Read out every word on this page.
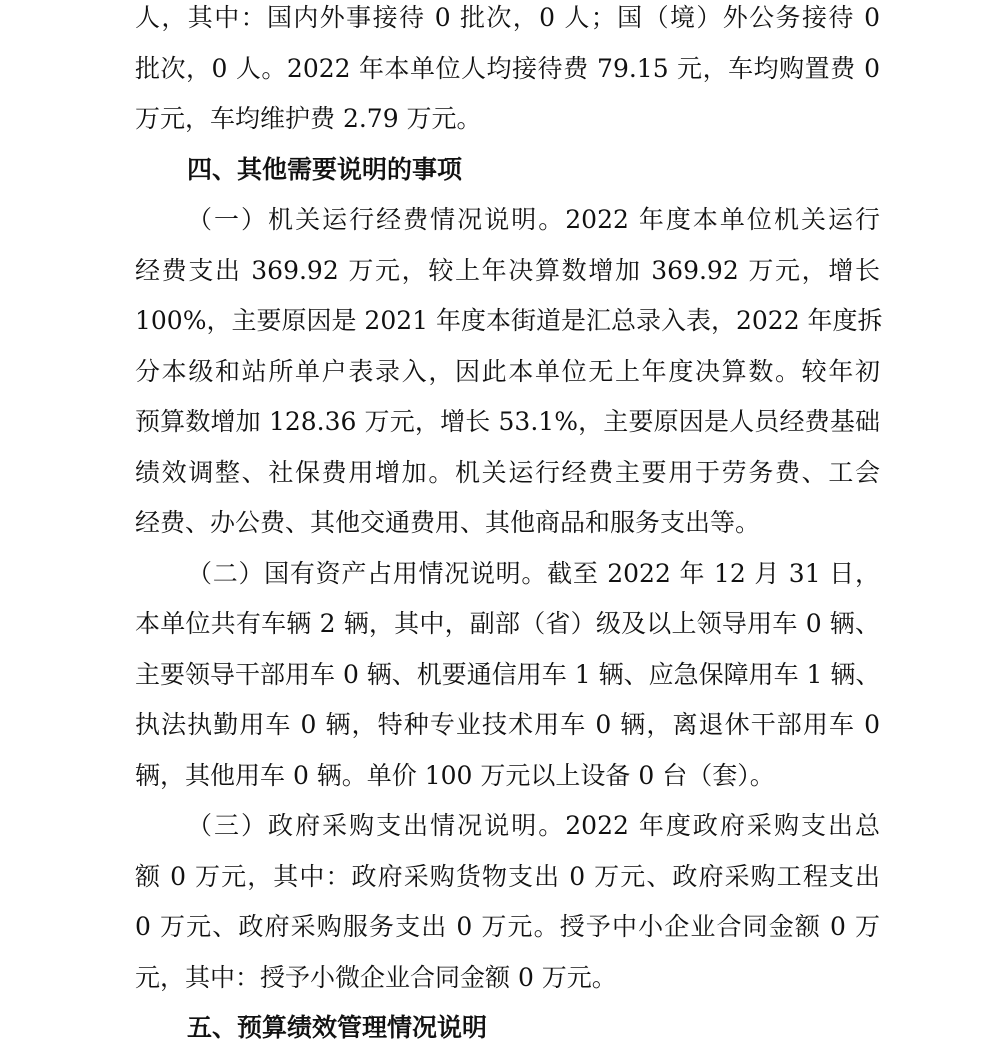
人，其中：国内外事接待 0 批次，0 人；国（境）外公务接待 0
批次，0 人。2022 年本单位人均接待费 79.15 元，车均购置费 0
万元，车均维护费 2.79 万元。
四、其他需要说明的事项
（一）机关运行经费情况说明。2022 年度本单位机关运行
经费支出 369.92 万元，较上年决算数增加 369.92 万元，增长
100%，主要原因是 2021 年度本街道是汇总录入表，2022 年度拆
分本级和站所单户表录入，因此本单位无上年度决算数。较年初
预算数增加 128.36 万元，增长 53.1%，主要原因是人员经费基础
绩效调整、社保费用增加。机关运行经费主要用于劳务费、工会
经费、办公费、其他交通费用、其他商品和服务支出等。
（二）国有资产占用情况说明。截至 2022 年 12 月 31 日，
本单位共有车辆 2 辆，其中，副部（省）级及以上领导用车 0 辆、
主要领导干部用车 0 辆、机要通信用车 1 辆、应急保障用车 1 辆、
执法执勤用车 0 辆，特种专业技术用车 0 辆，离退休干部用车 0
辆，其他用车 0 辆。单价 100 万元以上设备 0 台（套）。
（三）政府采购支出情况说明。2022 年度政府采购支出总
额 0 万元，其中：政府采购货物支出 0 万元、政府采购工程支出
0 万元、政府采购服务支出 0 万元。授予中小企业合同金额 0 万
元，其中：授予小微企业合同金额 0 万元。
五、预算绩效管理情况说明
